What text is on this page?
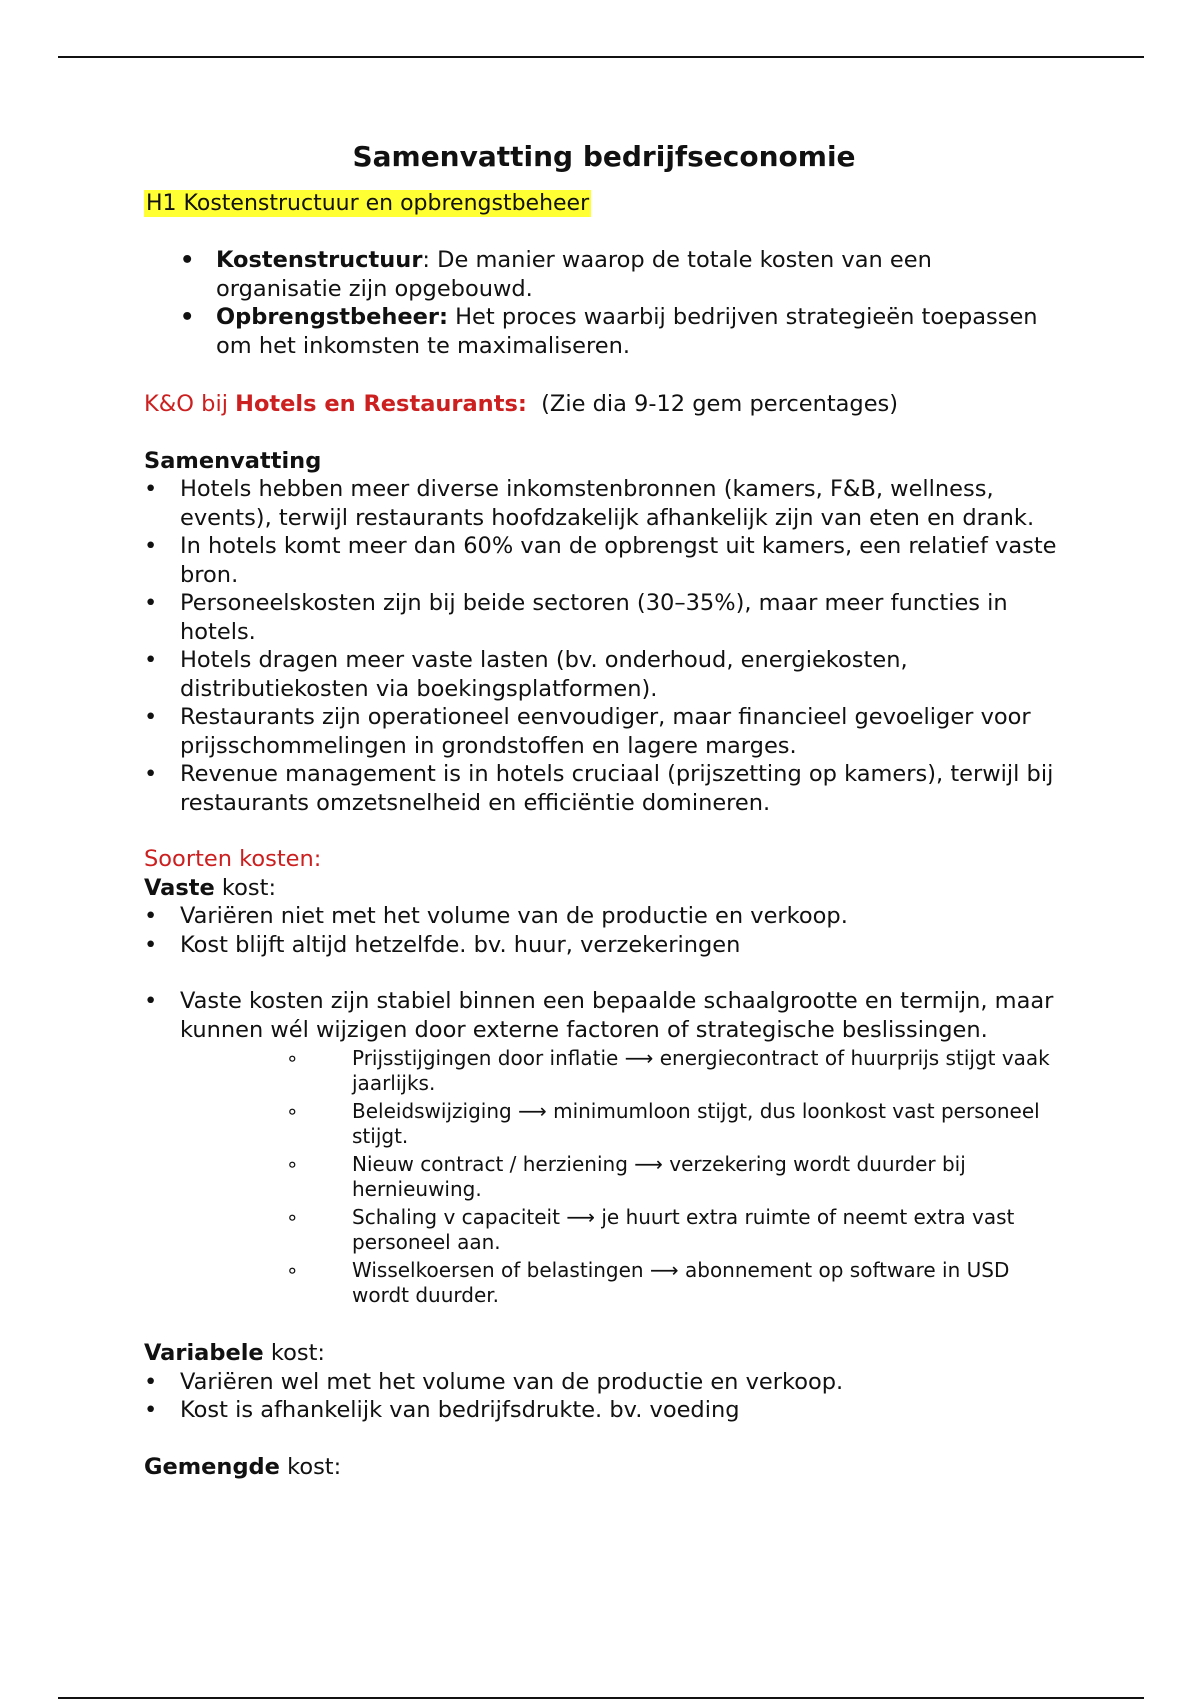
Samenvatting bedrijfseconomie
H1 Kostenstructuur en opbrengstbeheer
• Kostenstructuur: De manier waarop de totale kosten van een organisatie zijn opgebouwd.
• Opbrengstbeheer: Het proces waarbij bedrijven strategieën toepassen om het inkomsten te maximaliseren.
K&O bij Hotels en Restaurants:  (Zie dia 9-12 gem percentages)
Samenvatting
• Hotels hebben meer diverse inkomstenbronnen (kamers, F&B, wellness, events), terwijl restaurants hoofdzakelijk afhankelijk zijn van eten en drank.
• In hotels komt meer dan 60% van de opbrengst uit kamers, een relatief vaste bron.
• Personeelskosten zijn bij beide sectoren (30–35%), maar meer functies in hotels.
• Hotels dragen meer vaste lasten (bv. onderhoud, energiekosten, distributiekosten via boekingsplatformen).
• Restaurants zijn operationeel eenvoudiger, maar financieel gevoeliger voor prijsschommelingen in grondstoffen en lagere marges.
• Revenue management is in hotels cruciaal (prijszetting op kamers), terwijl bij restaurants omzetsnelheid en efficiëntie domineren.
Soorten kosten:
Vaste kost:
• Variëren niet met het volume van de productie en verkoop.
• Kost blijft altijd hetzelfde. bv. huur, verzekeringen
• Vaste kosten zijn stabiel binnen een bepaalde schaalgrootte en termijn, maar kunnen wél wijzigen door externe factoren of strategische beslissingen.
∘ Prijsstijgingen door inflatie ⟶ energiecontract of huurprijs stijgt vaak jaarlijks.
∘ Beleidswijziging ⟶ minimumloon stijgt, dus loonkost vast personeel stijgt.
∘ Nieuw contract / herziening ⟶ verzekering wordt duurder bij hernieuwing.
∘ Schaling v capaciteit ⟶ je huurt extra ruimte of neemt extra vast personeel aan.
∘ Wisselkoersen of belastingen ⟶ abonnement op software in USD wordt duurder.
Variabele kost:
• Variëren wel met het volume van de productie en verkoop.
• Kost is afhankelijk van bedrijfsdrukte. bv. voeding
Gemengde kost:
